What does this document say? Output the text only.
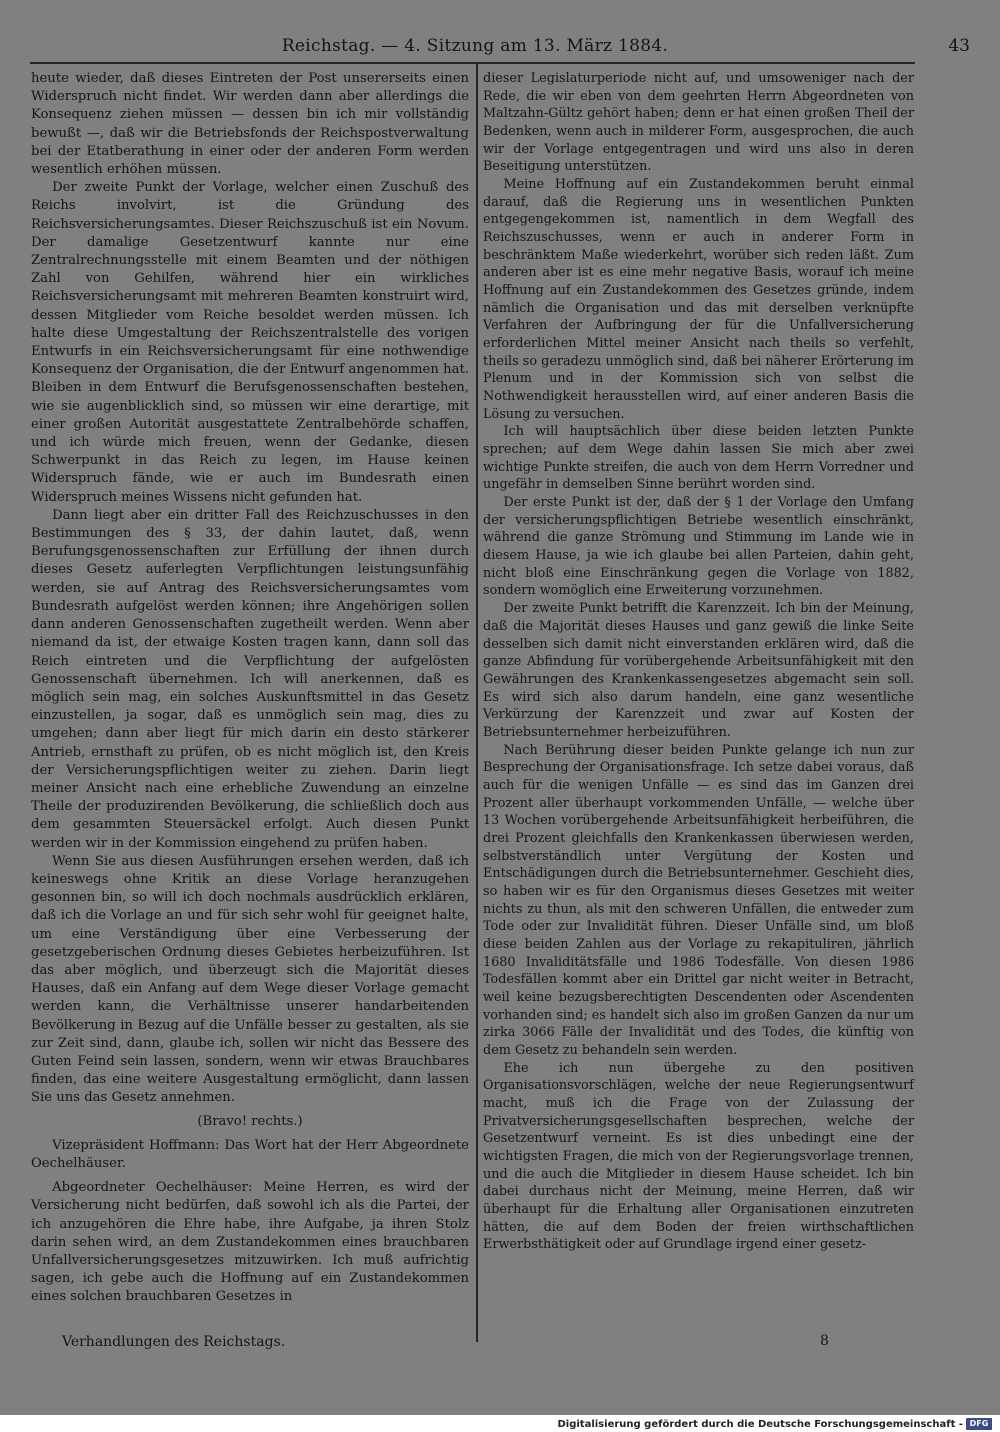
Reichstag. — 4. Sitzung am 13. März 1884.	43

heute wieder, daß dieses Eintreten der Post unsererseits einen Widerspruch nicht findet. Wir werden dann aber allerdings die Konsequenz ziehen müssen — dessen bin ich mir vollständig bewußt —, daß wir die Betriebsfonds der Reichspostverwaltung bei der Etatberathung in einer oder der anderen Form werden wesentlich erhöhen müssen.

Der zweite Punkt der Vorlage, welcher einen Zuschuß des Reichs involvirt, ist die Gründung des Reichsversicherungsamtes. Dieser Reichszuschuß ist ein Novum. Der damalige Gesetzentwurf kannte nur eine Zentralrechnungsstelle mit einem Beamten und der nöthigen Zahl von Gehilfen, während hier ein wirkliches Reichsversicherungsamt mit mehreren Beamten konstruirt wird, dessen Mitglieder vom Reiche besoldet werden müssen. Ich halte diese Umgestaltung der Reichszentralstelle des vorigen Entwurfs in ein Reichsversicherungsamt für eine nothwendige Konsequenz der Organisation, die der Entwurf angenommen hat. Bleiben in dem Entwurf die Berufsgenossenschaften bestehen, wie sie augenblicklich sind, so müssen wir eine derartige, mit einer großen Autorität ausgestattete Zentralbehörde schaffen, und ich würde mich freuen, wenn der Gedanke, diesen Schwerpunkt in das Reich zu legen, im Hause keinen Widerspruch fände, wie er auch im Bundesrath einen Widerspruch meines Wissens nicht gefunden hat.

Dann liegt aber ein dritter Fall des Reichzuschusses in den Bestimmungen des § 33, der dahin lautet, daß, wenn Berufungsgenossenschaften zur Erfüllung der ihnen durch dieses Gesetz auferlegten Verpflichtungen leistungsunfähig werden, sie auf Antrag des Reichsversicherungsamtes vom Bundesrath aufgelöst werden können; ihre Angehörigen sollen dann anderen Genossenschaften zugetheilt werden. Wenn aber niemand da ist, der etwaige Kosten tragen kann, dann soll das Reich eintreten und die Verpflichtung der aufgelösten Genossenschaft übernehmen. Ich will anerkennen, daß es möglich sein mag, ein solches Auskunftsmittel in das Gesetz einzustellen, ja sogar, daß es unmöglich sein mag, dies zu umgehen; dann aber liegt für mich darin ein desto stärkerer Antrieb, ernsthaft zu prüfen, ob es nicht möglich ist, den Kreis der Versicherungspflichtigen weiter zu ziehen. Darin liegt meiner Ansicht nach eine erhebliche Zuwendung an einzelne Theile der produzirenden Bevölkerung, die schließlich doch aus dem gesammten Steuersäckel erfolgt. Auch diesen Punkt werden wir in der Kommission eingehend zu prüfen haben.

Wenn Sie aus diesen Ausführungen ersehen werden, daß ich keineswegs ohne Kritik an diese Vorlage heranzugehen gesonnen bin, so will ich doch nochmals ausdrücklich erklären, daß ich die Vorlage an und für sich sehr wohl für geeignet halte, um eine Verständigung über eine Verbesserung der gesetzgeberischen Ordnung dieses Gebietes herbeizuführen. Ist das aber möglich, und überzeugt sich die Majorität dieses Hauses, daß ein Anfang auf dem Wege dieser Vorlage gemacht werden kann, die Verhältnisse unserer handarbeitenden Bevölkerung in Bezug auf die Unfälle besser zu gestalten, als sie zur Zeit sind, dann, glaube ich, sollen wir nicht das Bessere des Guten Feind sein lassen, sondern, wenn wir etwas Brauchbares finden, das eine weitere Ausgestaltung ermöglicht, dann lassen Sie uns das Gesetz annehmen.

(Bravo! rechts.)

Vizepräsident Hoffmann: Das Wort hat der Herr Abgeordnete Oechelhäuser.

Abgeordneter Oechelhäuser: Meine Herren, es wird der Versicherung nicht bedürfen, daß sowohl ich als die Partei, der ich anzugehören die Ehre habe, ihre Aufgabe, ja ihren Stolz darin sehen wird, an dem Zustandekommen eines brauchbaren Unfallversicherungsgesetzes mitzuwirken. Ich muß aufrichtig sagen, ich gebe auch die Hoffnung auf ein Zustandekommen eines solchen brauchbaren Gesetzes in

dieser Legislaturperiode nicht auf, und umsoweniger nach der Rede, die wir eben von dem geehrten Herrn Abgeordneten von Maltzahn-Gültz gehört haben; denn er hat einen großen Theil der Bedenken, wenn auch in milderer Form, ausgesprochen, die auch wir der Vorlage entgegentragen und wird uns also in deren Beseitigung unterstützen.

Meine Hoffnung auf ein Zustandekommen beruht einmal darauf, daß die Regierung uns in wesentlichen Punkten entgegengekommen ist, namentlich in dem Wegfall des Reichszuschusses, wenn er auch in anderer Form in beschränktem Maße wiederkehrt, worüber sich reden läßt. Zum anderen aber ist es eine mehr negative Basis, worauf ich meine Hoffnung auf ein Zustandekommen des Gesetzes gründe, indem nämlich die Organisation und das mit derselben verknüpfte Verfahren der Aufbringung der für die Unfallversicherung erforderlichen Mittel meiner Ansicht nach theils so verfehlt, theils so geradezu unmöglich sind, daß bei näherer Erörterung im Plenum und in der Kommission sich von selbst die Nothwendigkeit herausstellen wird, auf einer anderen Basis die Lösung zu versuchen.

Ich will hauptsächlich über diese beiden letzten Punkte sprechen; auf dem Wege dahin lassen Sie mich aber zwei wichtige Punkte streifen, die auch von dem Herrn Vorredner und ungefähr in demselben Sinne berührt worden sind.

Der erste Punkt ist der, daß der § 1 der Vorlage den Umfang der versicherungspflichtigen Betriebe wesentlich einschränkt, während die ganze Strömung und Stimmung im Lande wie in diesem Hause, ja wie ich glaube bei allen Parteien, dahin geht, nicht bloß eine Einschränkung gegen die Vorlage von 1882, sondern womöglich eine Erweiterung vorzunehmen.

Der zweite Punkt betrifft die Karenzzeit. Ich bin der Meinung, daß die Majorität dieses Hauses und ganz gewiß die linke Seite desselben sich damit nicht einverstanden erklären wird, daß die ganze Abfindung für vorübergehende Arbeitsunfähigkeit mit den Gewährungen des Krankenkassengesetzes abgemacht sein soll. Es wird sich also darum handeln, eine ganz wesentliche Verkürzung der Karenzzeit und zwar auf Kosten der Betriebsunternehmer herbeizuführen.

Nach Berührung dieser beiden Punkte gelange ich nun zur Besprechung der Organisationsfrage. Ich setze dabei voraus, daß auch für die wenigen Unfälle — es sind das im Ganzen drei Prozent aller überhaupt vorkommenden Unfälle, — welche über 13 Wochen vorübergehende Arbeitsunfähigkeit herbeiführen, die drei Prozent gleichfalls den Krankenkassen überwiesen werden, selbstverständlich unter Vergütung der Kosten und Entschädigungen durch die Betriebsunternehmer. Geschieht dies, so haben wir es für den Organismus dieses Gesetzes mit weiter nichts zu thun, als mit den schweren Unfällen, die entweder zum Tode oder zur Invalidität führen. Dieser Unfälle sind, um bloß diese beiden Zahlen aus der Vorlage zu rekapituliren, jährlich 1680 Invaliditätsfälle und 1986 Todesfälle. Von diesen 1986 Todesfällen kommt aber ein Drittel gar nicht weiter in Betracht, weil keine bezugsberechtigten Descendenten oder Ascendenten vorhanden sind; es handelt sich also im großen Ganzen da nur um zirka 3066 Fälle der Invalidität und des Todes, die künftig von dem Gesetz zu behandeln sein werden.

Ehe ich nun übergehe zu den positiven Organisationsvorschlägen, welche der neue Regierungsentwurf macht, muß ich die Frage von der Zulassung der Privatversicherungsgesellschaften besprechen, welche der Gesetzentwurf verneint. Es ist dies unbedingt eine der wichtigsten Fragen, die mich von der Regierungsvorlage trennen, und die auch die Mitglieder in diesem Hause scheidet. Ich bin dabei durchaus nicht der Meinung, meine Herren, daß wir überhaupt für die Erhaltung aller Organisationen einzutreten hätten, die auf dem Boden der freien wirthschaftlichen Erwerbsthätigkeit oder auf Grundlage irgend einer gesetz-

Verhandlungen des Reichstags.	8
Digitalisierung gefördert durch die Deutsche Forschungsgemeinschaft - DFG
